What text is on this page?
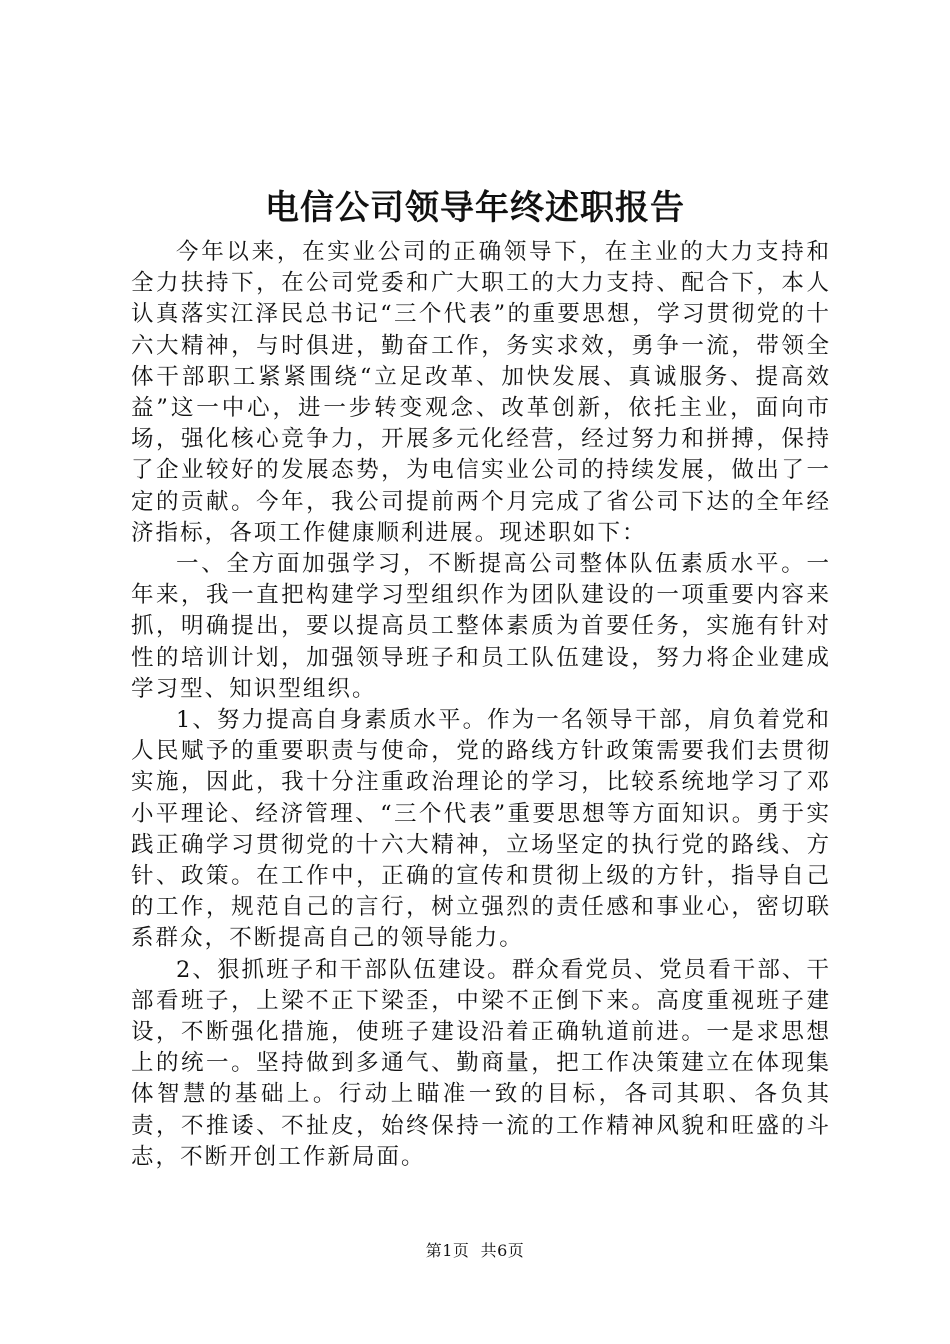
电信公司领导年终述职报告

今年以来，在实业公司的正确领导下，在主业的大力支持和全力扶持下，在公司党委和广大职工的大力支持、配合下，本人认真落实江泽民总书记“三个代表”的重要思想，学习贯彻党的十六大精神，与时俱进，勤奋工作，务实求效，勇争一流，带领全体干部职工紧紧围绕“立足改革、加快发展、真诚服务、提高效益”这一中心，进一步转变观念、改革创新，依托主业，面向市场，强化核心竞争力，开展多元化经营，经过努力和拼搏，保持了企业较好的发展态势，为电信实业公司的持续发展，做出了一定的贡献。今年，我公司提前两个月完成了省公司下达的全年经济指标，各项工作健康顺利进展。现述职如下：

一、全方面加强学习，不断提高公司整体队伍素质水平。一年来，我一直把构建学习型组织作为团队建设的一项重要内容来抓，明确提出，要以提高员工整体素质为首要任务，实施有针对性的培训计划，加强领导班子和员工队伍建设，努力将企业建成学习型、知识型组织。

1、努力提高自身素质水平。作为一名领导干部，肩负着党和人民赋予的重要职责与使命，党的路线方针政策需要我们去贯彻实施，因此，我十分注重政治理论的学习，比较系统地学习了邓小平理论、经济管理、“三个代表”重要思想等方面知识。勇于实践正确学习贯彻党的十六大精神，立场坚定的执行党的路线、方针、政策。在工作中，正确的宣传和贯彻上级的方针，指导自己的工作，规范自己的言行，树立强烈的责任感和事业心，密切联系群众，不断提高自己的领导能力。

2、狠抓班子和干部队伍建设。群众看党员、党员看干部、干部看班子，上梁不正下梁歪，中梁不正倒下来。高度重视班子建设，不断强化措施，使班子建设沿着正确轨道前进。一是求思想上的统一。坚持做到多通气、勤商量，把工作决策建立在体现集体智慧的基础上。行动上瞄准一致的目标，各司其职、各负其责，不推诿、不扯皮，始终保持一流的工作精神风貌和旺盛的斗志，不断开创工作新局面。

第1页 共6页
